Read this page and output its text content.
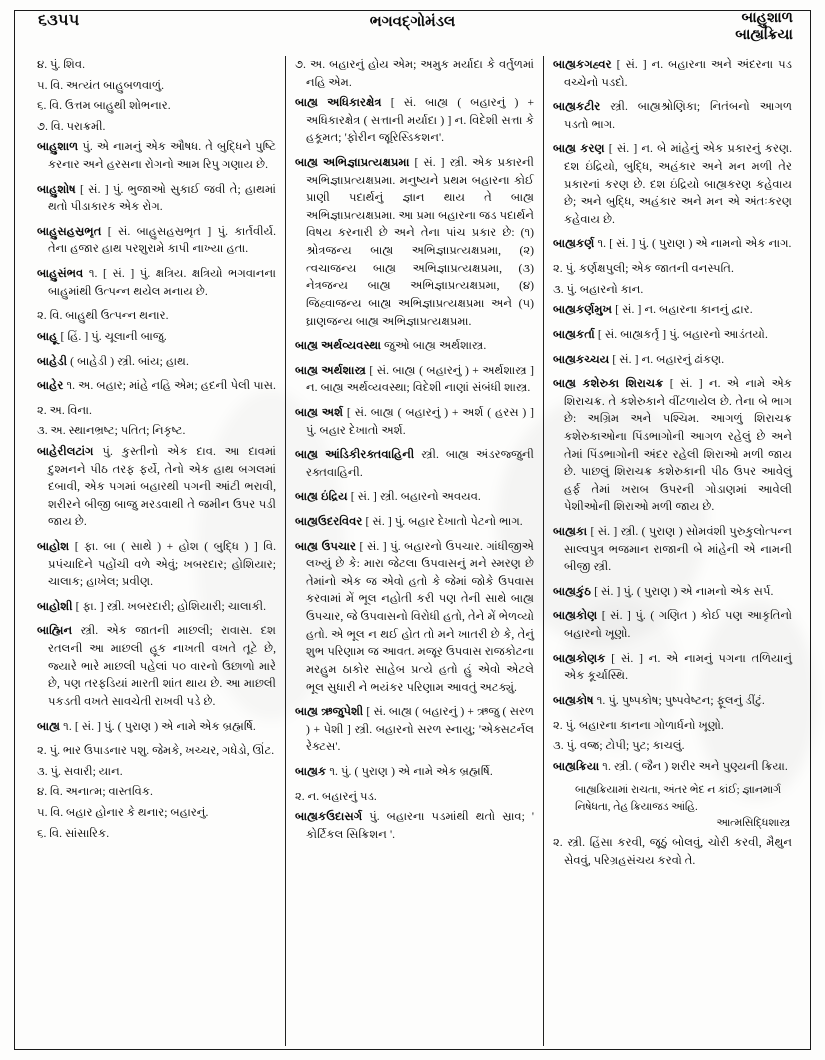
૬૩૫૫	ભગવદ્ગોમંડલ	બાહુશાળ
બાહ્યક્રિયા

૪. પું. શિવ.

૫. વિ. અત્યંત બાહુબળવાળું.

૬. વિ. ઉત્તમ બાહુથી શોભનાર.

૭. વિ. પરાક્રમી.

બાહુશાળ પું. એ નામનું એક ઔષધ. તે બુદ્ધિને પુષ્ટિ કરનાર અને હરસના રોગનો આમ રિપુ ગણાય છે.

બાહુશોષ [ સં. ] પું. ભુજાઓ સુકાઈ જવી તે; હાથમાં થતો પીડાકારક એક રોગ.

બાહુસહસ્રભૃત [ સં. બાહુસહસ્રભૃત ] પું. કાર્તવીર્ય. તેના હજાર હાથ પરશુરામે કાપી નાખ્યા હતા.

બાહુસંભવ ૧. [ સં. ] પું. ક્ષત્રિય. ક્ષત્રિયો ભગવાનના બાહુમાંથી ઉત્પન્ન થયેલ મનાય છે.

૨. વિ. બાહુથી ઉત્પન્ન થનાર.

બાહૂ [ હિં. ] પું. ચૂલાની બાજુ.

બાહેડી ( બાહેડી ) સ્ત્રી. બાંય; હાથ.

બાહેર ૧. અ. બહાર; માંહે નહિ એમ; હદની પેલી પાસ.

૨. અ. વિના.

૩. અ. સ્થાનભ્રષ્ટ; પતિત; નિકૃષ્ટ.

બાહેરીલટાંગ પું. કુસ્તીનો એક દાવ. આ દાવમાં દુશ્મનને પીઠ તરફ ફર્યે, તેનો એક હાથ બગલમાં દબાવી, એક પગમાં બહારથી પગની આંટી ભરાવી, શરીરને બીજી બાજુ મરડવાથી તે જમીન ઉપર પડી જાય છે.

બાહોશ [ ફા. બા ( સાથે ) + હોશ ( બુદ્ધિ ) ] વિ. પ્રપંચાદિને પહોંચી વળે એવું; ખબરદાર; હોશિયાર; ચાલાક; હાખેલ; પ્રવીણ.

બાહોશી [ ફા. ] સ્ત્રી. ખબરદારી; હોશિયારી; ચાલાકી.

બાહ્મિન સ્ત્રી. એક જાતની માછલી; રાવાસ. દશ રતલની આ માછલી હૂક નાખતી વખતે તૂટે છે, જ્યારે ભારે માછલી પહેલાં ૫૦ વારનો ઉછાળો મારે છે, પણ તરફડિયાં મારતી શાંત થાય છે. આ માછલી પકડતી વખતે સાવચેતી રાખવી પડે છે.

બાહ્ય ૧. [ સં. ] પું. ( પુરાણ ) એ નામે એક બ્રહ્મર્ષિ.

૨. પું. ભાર ઉપાડનાર પશુ. જેમકે, ખચ્ચર, ગધેડો, ઊંટ.

૩. પું. સવારી; યાન.

૪. વિ. અનાત્મ; વાસ્તવિક.

૫. વિ. બહાર હોનાર કે થનાર; બહારનું.

૬. વિ. સાંસારિક.

૭. અ. બહારનું હોય એમ; અમુક મર્યાદા કે વર્તુળમાં નહિ એમ.

બાહ્ય અધિકારક્ષેત્ર [ સં. બાહ્ય ( બહારનું ) + અધિકારક્ષેત્ર ( સત્તાની મર્યાદા ) ] ન. વિદેશી સત્તા કે હકૂમત; 'ફોરીન જૂરિસ્ડિકશન'.

બાહ્ય અભિજ્ઞાપ્રત્યક્ષપ્રમા [ સં. ] સ્ત્રી. એક પ્રકારની અભિજ્ઞાપ્રત્યક્ષપ્રમા. મનુષ્યને પ્રથમ બહારના કોઈ પ્રાણી પદાર્થનું જ્ઞાન થાય તે બાહ્ય અભિજ્ઞાપ્રત્યક્ષપ્રમા. આ પ્રમા બહારના જડ પદાર્થને વિષય કરનારી છે અને તેના પાંચ પ્રકાર છે: (૧) શ્રોત્રજન્ય બાહ્ય અભિજ્ઞાપ્રત્યક્ષપ્રમા, (૨) ત્વચાજન્ય બાહ્ય અભિજ્ઞાપ્રત્યક્ષપ્રમા, (૩) નેત્રજન્ય બાહ્ય અભિજ્ઞાપ્રત્યક્ષપ્રમા, (૪) જિહ્વાજન્ય બાહ્ય અભિજ્ઞાપ્રત્યક્ષપ્રમા અને (૫) ઘ્રાણજન્ય બાહ્ય અભિજ્ઞાપ્રત્યક્ષપ્રમા.

બાહ્ય અર્થવ્યવસ્થા જુઓ બાહ્ય અર્થશાસ્ત્ર.

બાહ્ય અર્થશાસ્ત્ર [ સં. બાહ્ય ( બહારનું ) + અર્થશાસ્ત્ર ] ન. બાહ્ય અર્થવ્યવસ્થા; વિદેશી નાણાં સંબંધી શાસ્ત્ર.

બાહ્ય અર્શ [ સં. બાહ્ય ( બહારનું ) + અર્શ ( હરસ ) ] પું. બહાર દેખાતો અર્શ.

બાહ્ય આંડિકીરક્તવાહિની સ્ત્રી. બાહ્ય અંડરજ્જુની રક્તવાહિની.

બાહ્ય ઇંદ્રિય [ સં. ] સ્ત્રી. બહારનો અવયવ.

બાહ્યઉદરવિવર [ સં. ] પું. બહાર દેખાતો પેટનો ભાગ.

બાહ્ય ઉપચાર [ સં. ] પું. બહારનો ઉપચાર. ગાંધીજીએ લખ્યું છે કે: મારા જેટલા ઉપવાસનું મને સ્મરણ છે તેમાંનો એક જ એવો હતો કે જેમાં જોકે ઉપવાસ કરવામાં મેં ભૂલ નહોતી કરી પણ તેની સાથે બાહ્ય ઉપચાર, જે ઉપવાસનો વિરોધી હતો, તેને મેં ભેળવ્યો હતો. એ ભૂલ ન થઈ હોત તો મને ખાતરી છે કે, તેનું શુભ પરિણામ જ આવત. મજૂર ઉપવાસ રાજકોટના મરહુમ ઠાકોર સાહેબ પ્રત્યે હતો હું એવો એટલે ભૂલ સુધારી ને ભયંકર પરિણામ આવતું અટક્યું.

બાહ્ય ઋજુપેશી [ સં. બાહ્ય ( બહારનું ) + ઋજુ ( સરળ ) + પેશી ] સ્ત્રી. બહારનો સરળ સ્નાયુ; 'એક્સટર્નલ રેક્ટસ'.

બાહ્યક ૧. પું. ( પુરાણ ) એ નામે એક બ્રહ્મર્ષિ.

૨. ન. બહારનું પડ.

બાહ્યકઉદાસર્ગ પું. બહારના પડમાંથી થતો સ્રાવ; ' કોર્ટિકલ સિક્રિશન '.

બાહ્યકગહ્વર [ સં. ] ન. બહારના અને અંદરના પડ વચ્ચેનો પડદો.

બાહ્યકટીર સ્ત્રી. બાહ્યશ્રોણિકા; નિતંબનો આગળ પડતો ભાગ.

બાહ્ય કરણ [ સં. ] ન. બે માંહેનું એક પ્રકારનું કરણ. દશ ઇંદ્રિયો, બુદ્ધિ, અહંકાર અને મન મળી તેર પ્રકારનાં કરણ છે. દશ ઇંદ્રિયો બાહ્યકરણ કહેવાય છે; અને બુદ્ધિ, અહંકાર અને મન એ અંતઃકરણ કહેવાય છે.

બાહ્યકર્ણ ૧. [ સં. ] પું. ( પુરાણ ) એ નામનો એક નાગ.

૨. પું. કર્ણક્ષપુલી; એક જાતની વનસ્પતિ.

૩. પું. બહારનો કાન.

બાહ્યકર્ણમુખ [ સં. ] ન. બહારના કાનનું દ્વાર.

બાહ્યકર્તા [ સં. બાહ્યકર્તૃ ] પું. બહારનો આડંતયો.

બાહ્યકચ્ચય [ સં. ] ન. બહારનું ઢાંકણ.

બાહ્ય કશેરુકા શિરાચક્ર [ સં. ] ન. એ નામે એક શિરાચક્ર. તે કશેરુકાને વીંટળાયેલ છે. તેના બે ભાગ છે: અગ્રિમ અને પશ્ચિમ. આગળું શિરાચક્ર કશેરુકાઓના પિંડભાગોની આગળ રહેલું છે અને તેમાં પિંડભાગોની અંદર રહેલી શિરાઓ મળી જાય છે. પાછલું શિરાચક્ર કશેરુકાની પીઠ ઉપર આવેલું હર્ફ તેમાં ખરાબ ઉપરની ગોડાણમાં આવેલી પેશીઓની શિરાઓ મળી જાય છે.

બાહ્યકા [ સં. ] સ્ત્રી. ( પુરાણ ) સોમવંશી પુરુકુલોત્પન્ન સાલ્વપુત્ર ભજમાન રાજાની બે માંહેની એ નામની બીજી સ્ત્રી.

બાહ્યકુંઠ [ સં. ] પું. ( પુરાણ ) એ નામનો એક સર્પ.

બાહ્યકોણ [ સં. ] પું. ( ગણિત ) કોઈ પણ આકૃતિનો બહારનો ખૂણો.

બાહ્યકોણક [ સં. ] ન. એ નામનું પગના તળિયાનું એક કૂર્ચાસ્થિ.

બાહ્યકોષ ૧. પું. પુષ્પકોષ; પુષ્પવેષ્ટન; ફૂલનું ડીંટું.

૨. પું. બહારના કાનના ગોળાર્ધનો ખૂણો.

૩. પું. વજ્ર; ટોપી; પુટ; કાચલું.

બાહ્યક્રિયા ૧. સ્ત્રી. ( જૈન ) શરીર અને પુણ્યની ક્રિયા.

બાહ્યક્રિયામાં રાચતા, અંતર ભેદ ન કાંઈ; જ્ઞાનમાર્ગ નિષેધતા, તેહ ક્રિયાજડ આંહિ.
આત્મસિદ્ધિશાસ્ત્ર

૨. સ્ત્રી. હિંસા કરવી, જૂઠું બોલવું, ચોરી કરવી, મૈથુન સેવવું, પરિગ્રહસંચય કરવો તે.
